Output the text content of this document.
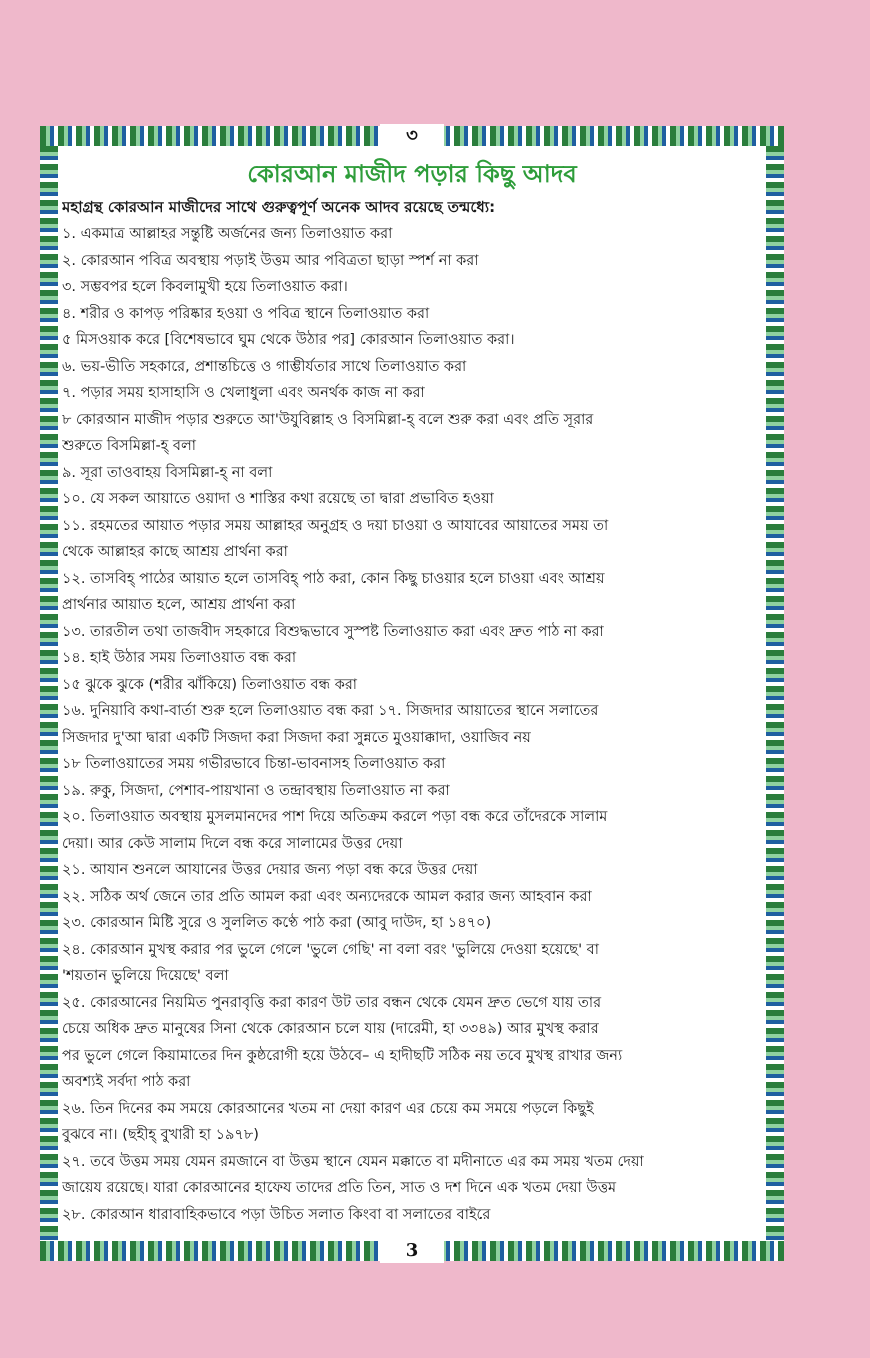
৩
3
কোরআন মাজীদ পড়ার কিছু আদব
মহাগ্রন্থ কোরআন মাজীদের সাথে গুরুত্বপূর্ণ অনেক আদব রয়েছে তন্মধ্যে:
১. একমাত্র আল্লাহর সন্তুষ্টি অর্জনের জন্য তিলাওয়াত করা
২. কোরআন পবিত্র অবস্থায় পড়াই উত্তম আর পবিত্রতা ছাড়া স্পর্শ না করা
৩. সম্ভবপর হলে কিবলামুখী হয়ে তিলাওয়াত করা।
৪. শরীর ও কাপড় পরিষ্কার হওয়া ও পবিত্র স্থানে তিলাওয়াত করা
৫ মিসওয়াক করে [বিশেষভাবে ঘুম থেকে উঠার পর] কোরআন তিলাওয়াত করা।
৬. ভয়-ভীতি সহকারে, প্রশান্তচিত্তে ও গাম্ভীর্যতার সাথে তিলাওয়াত করা
৭. পড়ার সময় হাসাহাসি ও খেলাধুলা এবং অনর্থক কাজ না করা
৮ কোরআন মাজীদ পড়ার শুরুতে আ'উযুবিল্লাহ ও বিসমিল্লা-হ্ বলে শুরু করা এবং প্রতি সূরার
শুরুতে বিসমিল্লা-হ্ বলা
৯. সূরা তাওবাহয় বিসমিল্লা-হ্ না বলা
১০. যে সকল আয়াতে ওয়াদা ও শাস্তির কথা রয়েছে তা দ্বারা প্রভাবিত হওয়া
১১. রহমতের আয়াত পড়ার সময় আল্লাহর অনুগ্রহ ও দয়া চাওয়া ও আযাবের আয়াতের সময় তা
থেকে আল্লাহর কাছে আশ্রয় প্রার্থনা করা
১২. তাসবিহ্ পাঠের আয়াত হলে তাসবিহ্ পাঠ করা, কোন কিছু চাওয়ার হলে চাওয়া এবং আশ্রয়
প্রার্থনার আয়াত হলে, আশ্রয় প্রার্থনা করা
১৩. তারতীল তথা তাজবীদ সহকারে বিশুদ্ধভাবে সুস্পষ্ট তিলাওয়াত করা এবং দ্রুত পাঠ না করা
১৪. হাই উঠার সময় তিলাওয়াত বন্ধ করা
১৫ ঝুকে ঝুকে (শরীর ঝাঁকিয়ে) তিলাওয়াত বন্ধ করা
১৬. দুনিয়াবি কথা-বার্তা শুরু হলে তিলাওয়াত বন্ধ করা ১৭. সিজদার আয়াতের স্থানে সলাতের
সিজদার দু'আ দ্বারা একটি সিজদা করা সিজদা করা সুন্নতে মুওয়াক্কাদা, ওয়াজিব নয়
১৮ তিলাওয়াতের সময় গভীরভাবে চিন্তা-ভাবনাসহ তিলাওয়াত করা
১৯. রুকু, সিজদা, পেশাব-পায়খানা ও তন্দ্রাবস্থায় তিলাওয়াত না করা
২০. তিলাওয়াত অবস্থায় মুসলমানদের পাশ দিয়ে অতিক্রম করলে পড়া বন্ধ করে তাঁদেরকে সালাম
দেয়া। আর কেউ সালাম দিলে বন্ধ করে সালামের উত্তর দেয়া
২১. আযান শুনলে আযানের উত্তর দেয়ার জন্য পড়া বন্ধ করে উত্তর দেয়া
২২. সঠিক অর্থ জেনে তার প্রতি আমল করা এবং অন্যদেরকে আমল করার জন্য আহবান করা
২৩. কোরআন মিষ্টি সুরে ও সুললিত কণ্ঠে পাঠ করা (আবু দাউদ, হা ১৪৭০)
২৪. কোরআন মুখস্থ করার পর ভুলে গেলে 'ভুলে গেছি' না বলা বরং 'ভুলিয়ে দেওয়া হয়েছে' বা
'শয়তান ভুলিয়ে দিয়েছে' বলা
২৫. কোরআনের নিয়মিত পুনরাবৃত্তি করা কারণ উট তার বন্ধন থেকে যেমন দ্রুত ভেগে যায় তার
চেয়ে অধিক দ্রুত মানুষের সিনা থেকে কোরআন চলে যায় (দারেমী, হা ৩৩৪৯) আর মুখস্থ করার
পর ভুলে গেলে কিয়ামাতের দিন কুষ্ঠরোগী হয়ে উঠবে– এ হাদীছটি সঠিক নয় তবে মুখস্থ রাখার জন্য
অবশ্যই সর্বদা পাঠ করা
২৬. তিন দিনের কম সময়ে কোরআনের খতম না দেয়া কারণ এর চেয়ে কম সময়ে পড়লে কিছুই
বুঝবে না। (ছহীহ্ বুখারী হা ১৯৭৮)
২৭. তবে উত্তম সময় যেমন রমজানে বা উত্তম স্থানে যেমন মক্কাতে বা মদীনাতে এর কম সময় খতম দেয়া
জায়েয রয়েছে। যারা কোরআনের হাফেয তাদের প্রতি তিন, সাত ও দশ দিনে এক খতম দেয়া উত্তম
২৮. কোরআন ধারাবাহিকভাবে পড়া উচিত সলাত কিংবা বা সলাতের বাইরে
